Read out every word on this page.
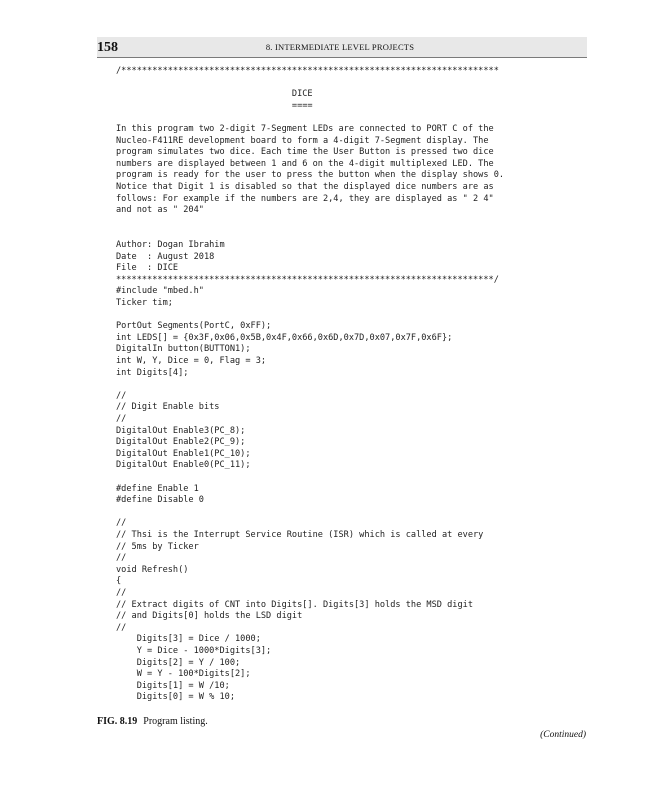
158	8. INTERMEDIATE LEVEL PROJECTS
/*************************************************************************
DICE
====
In this program two 2-digit 7-Segment LEDs are connected to PORT C of the
Nucleo-F411RE development board to form a 4-digit 7-Segment display. The
program simulates two dice. Each time the User Button is pressed two dice
numbers are displayed between 1 and 6 on the 4-digit multiplexed LED. The
program is ready for the user to press the button when the display shows 0.
Notice that Digit 1 is disabled so that the displayed dice numbers are as
follows: For example if the numbers are 2,4, they are displayed as " 2 4"
and not as " 204"
Author: Dogan Ibrahim
Date  : August 2018
File  : DICE
*************************************************************************/
#include "mbed.h"
Ticker tim;
PortOut Segments(PortC, 0xFF);
int LEDS[] = {0x3F,0x06,0x5B,0x4F,0x66,0x6D,0x7D,0x07,0x7F,0x6F};
DigitalIn button(BUTTON1);
int W, Y, Dice = 0, Flag = 3;
int Digits[4];
//
// Digit Enable bits
//
DigitalOut Enable3(PC_8);
DigitalOut Enable2(PC_9);
DigitalOut Enable1(PC_10);
DigitalOut Enable0(PC_11);
#define Enable 1
#define Disable 0
//
// Thsi is the Interrupt Service Routine (ISR) which is called at every
// 5ms by Ticker
//
void Refresh()
{
//
// Extract digits of CNT into Digits[]. Digits[3] holds the MSD digit
// and Digits[0] holds the LSD digit
//
Digits[3] = Dice / 1000;
Y = Dice - 1000*Digits[3];
Digits[2] = Y / 100;
W = Y - 100*Digits[2];
Digits[1] = W /10;
Digits[0] = W % 10;
FIG. 8.19 Program listing.
(Continued)
